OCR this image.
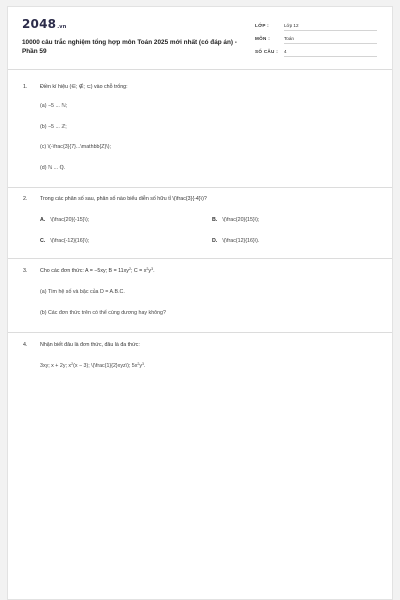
2048.vn
10000 câu trắc nghiệm tổng hợp môn Toán 2025 mới nhất (có đáp án) - Phần 59
LỚP :	Lớp 12
MÔN :	Toán
SỐ CÂU : 4
1. Điền kí hiệu (∈; ∉; ⊂) vào chỗ trống:
(a) −5 ... ℕ;
(b) −5 ... ℤ;
(c) \(-\frac{3}{7}...\mathbb{Z}\);
(d) ℕ ... ℚ.
2. Trong các phân số sau, phân số nào biểu diễn số hữu tỉ \(\frac{3}{-4}\)?
A. \(\frac{20}{-15}\);	B. \(\frac{20}{15}\);
C. \(\frac{-12}{16}\);	D. \(\frac{12}{16}\).
3. Cho các đơn thức: A = −5xy; $B = 11xy^2$; $C = x^2y^3$.
(a) Tìm hệ số và bậc của D = A.B.C.
(b) Các đơn thức trên có thể cùng dương hay không?
4. Nhận biết đâu là đơn thức, đâu là đa thức:
3xy; x + 2y; $x^2(x - 3)$; \(\frac{1}{2}xyz\); $5x^2y^3$.
